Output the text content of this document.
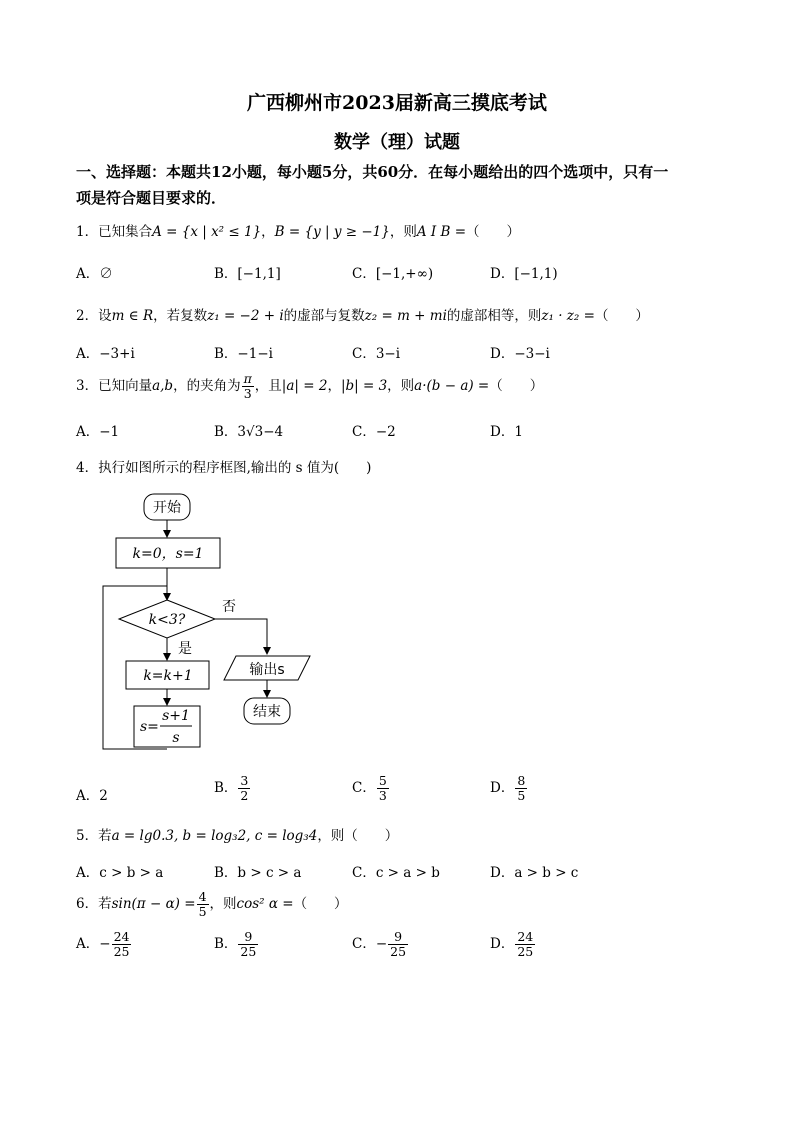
广西柳州市2023届新高三摸底考试
数学（理）试题
一、选择题：本题共12小题，每小题5分，共60分．在每小题给出的四个选项中，只有一
项是符合题目要求的．
1．已知集合A = {x | x² ≤ 1}，B = {y | y ≥ −1}，则A I B =（　　）
A．∅	B．[−1,1]	C．[−1,+∞)	D．[−1,1)
2．设m ∈ R，若复数z₁ = −2 + i的虚部与复数z₂ = m + mi的虚部相等，则z₁ · z₂ =（　　）
A．−3+i	B．−1−i	C．3−i	D．−3−i
3．已知向量a,b，的夹角为 $\frac{\pi}{3}$ ，且|a| = 2，|b| = 3，则a·(b − a) =（　　）
A．−1	B．3√3−4	C．−2	D．1
4．执行如图所示的程序框图,输出的 s 值为(　　)
开始
k=0，s=1
k<3?
否
是
k=k+1
s=
s+1
s
输出s
结束
A．2	B． $\frac{3}{2}$	C． $\frac{5}{3}$	D． $\frac{8}{5}$
5．若a = lg0.3, b = log₃2, c = log₃4，则（　　）
A．c > b > a	B．b > c > a	C．c > a > b	D．a > b > c
6．若$\sin(\pi - \alpha) = \frac{4}{5}$ ，则cos² α =（　　）
A．− $\frac{24}{25}$	B． $\frac{9}{25}$	C．− $\frac{9}{25}$	D． $\frac{24}{25}$
